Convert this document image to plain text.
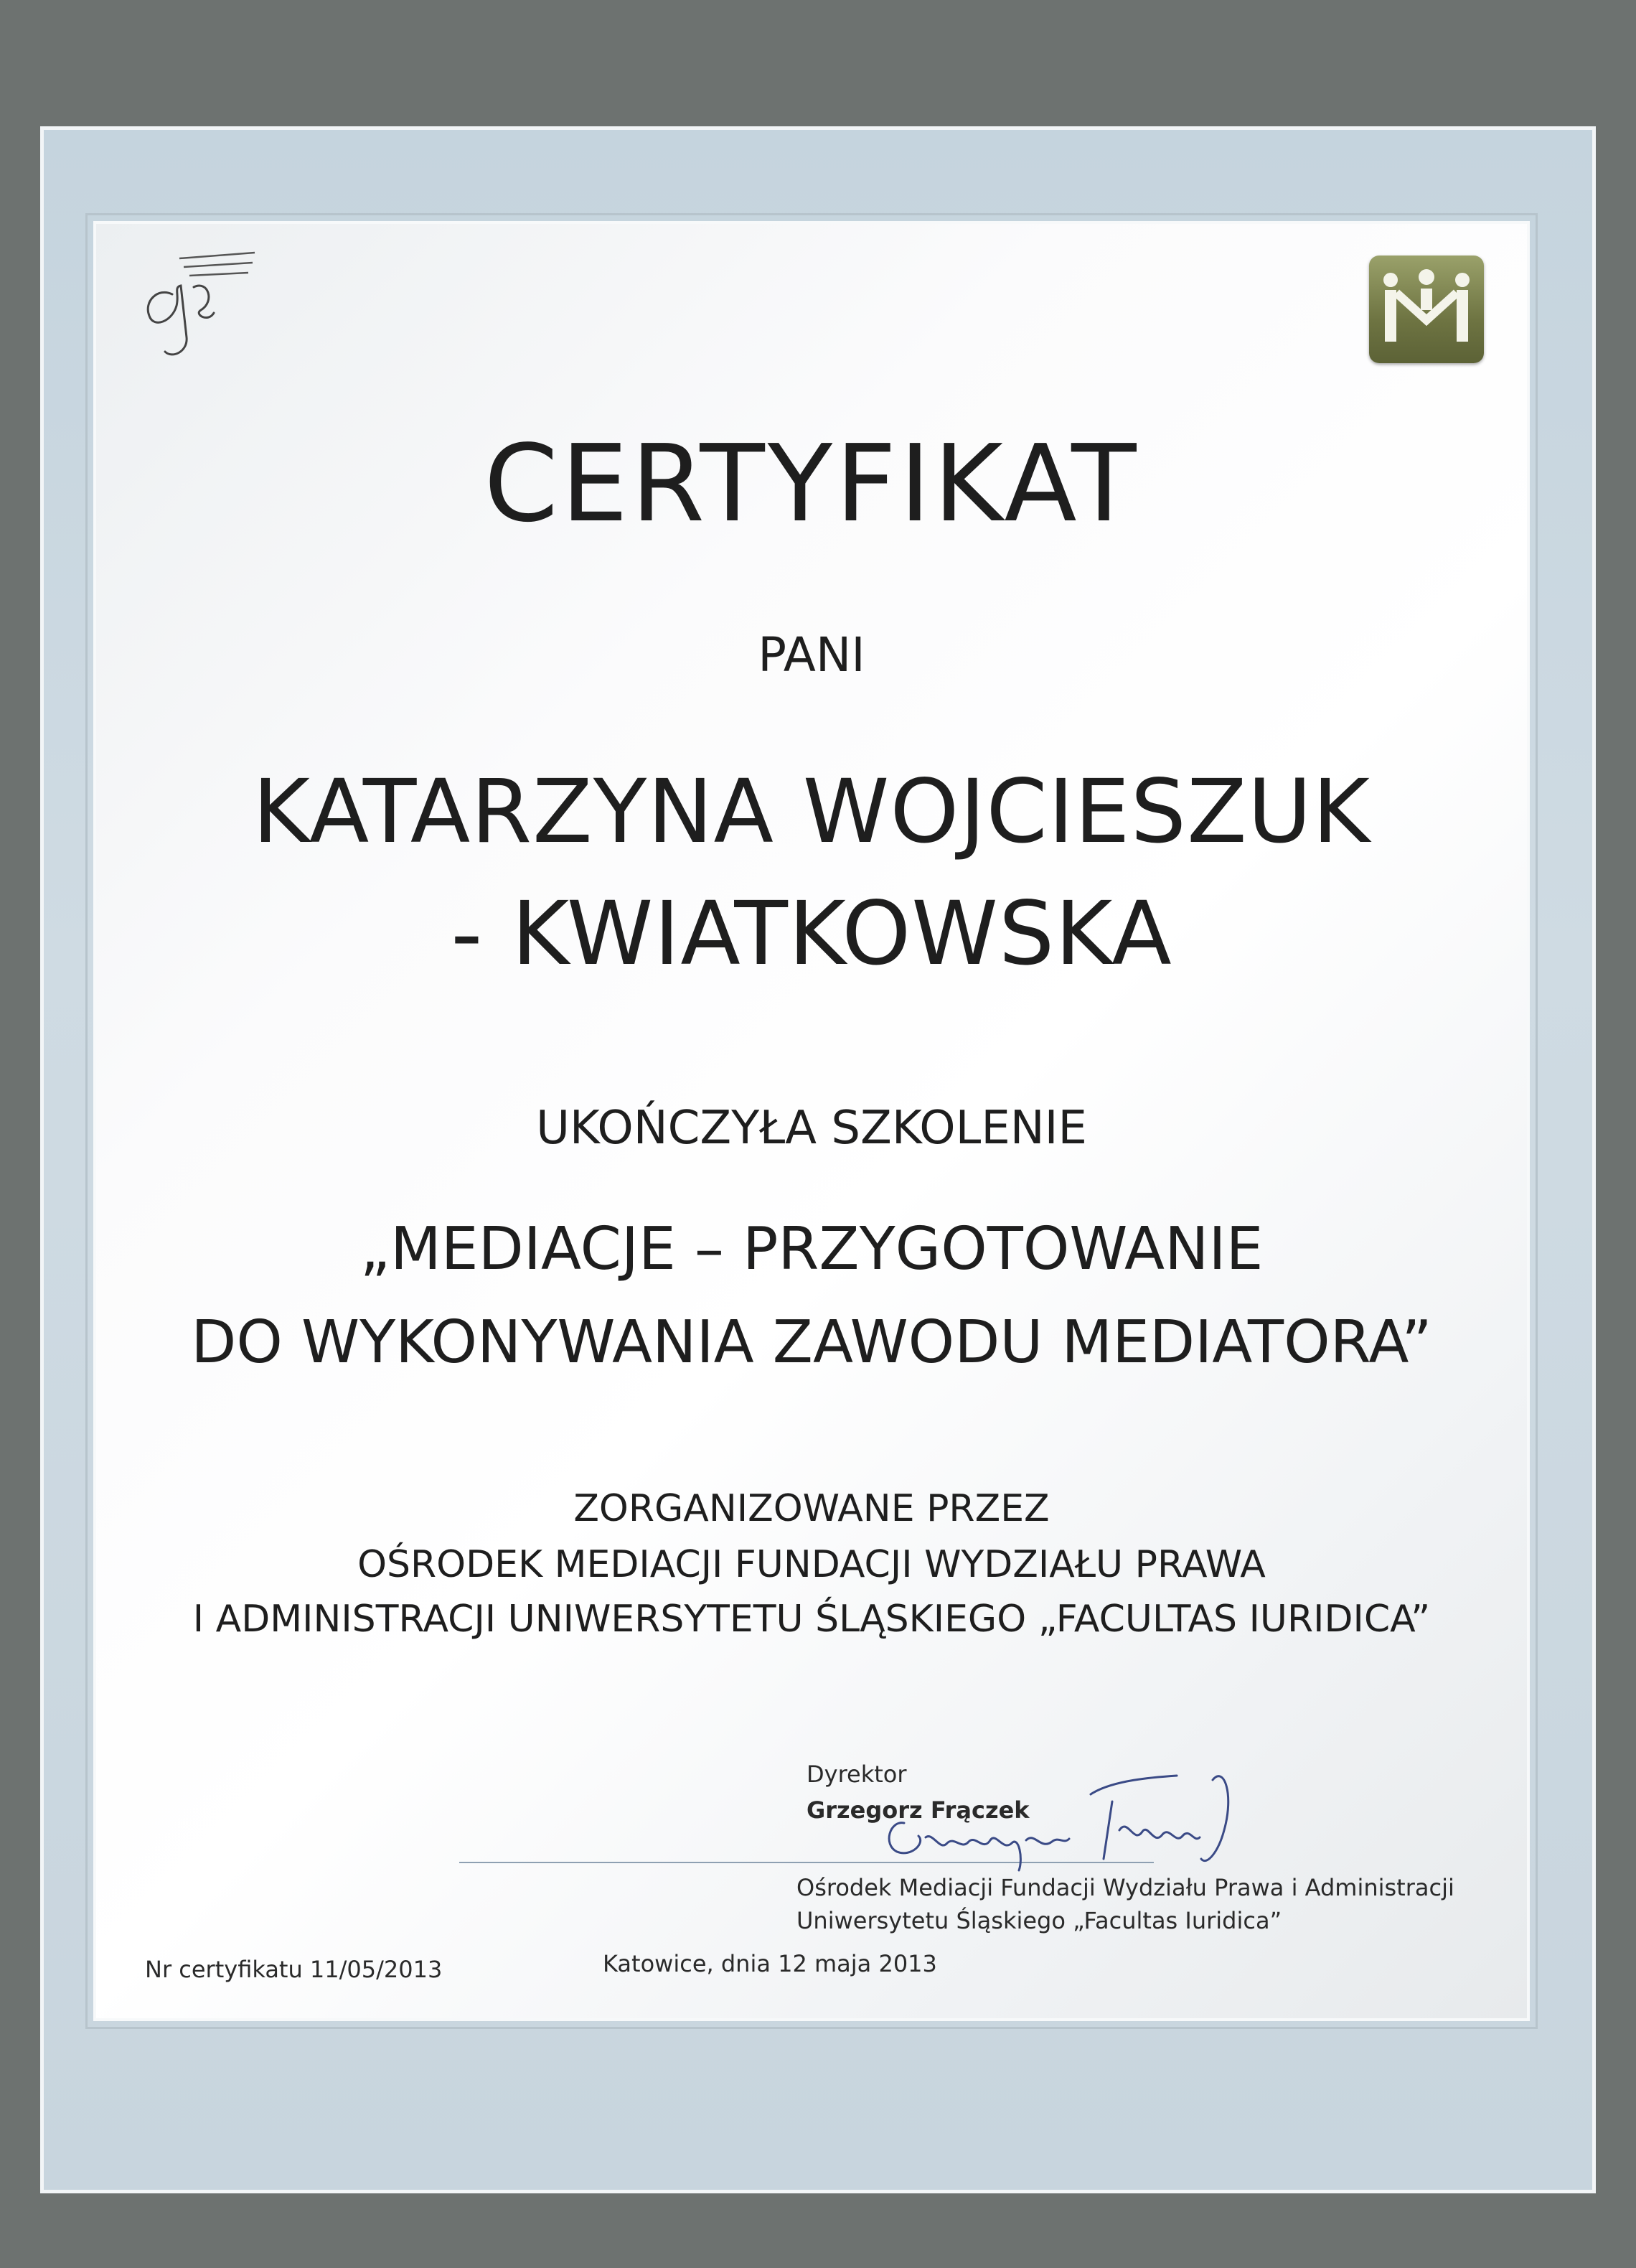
CERTYFIKAT
PANI
KATARZYNA WOJCIESZUK
- KWIATKOWSKA
UKOŃCZYŁA SZKOLENIE
„MEDIACJE – PRZYGOTOWANIE
DO WYKONYWANIA ZAWODU MEDIATORA”
ZORGANIZOWANE PRZEZ
OŚRODEK MEDIACJI FUNDACJI WYDZIAŁU PRAWA
I ADMINISTRACJI UNIWERSYTETU ŚLĄSKIEGO „FACULTAS IURIDICA”
Dyrektor
Grzegorz Frączek
Ośrodek Mediacji Fundacji Wydziału Prawa i Administracji
Uniwersytetu Śląskiego „Facultas Iuridica”
Nr certyfikatu 11/05/2013	Katowice, dnia 12 maja 2013
